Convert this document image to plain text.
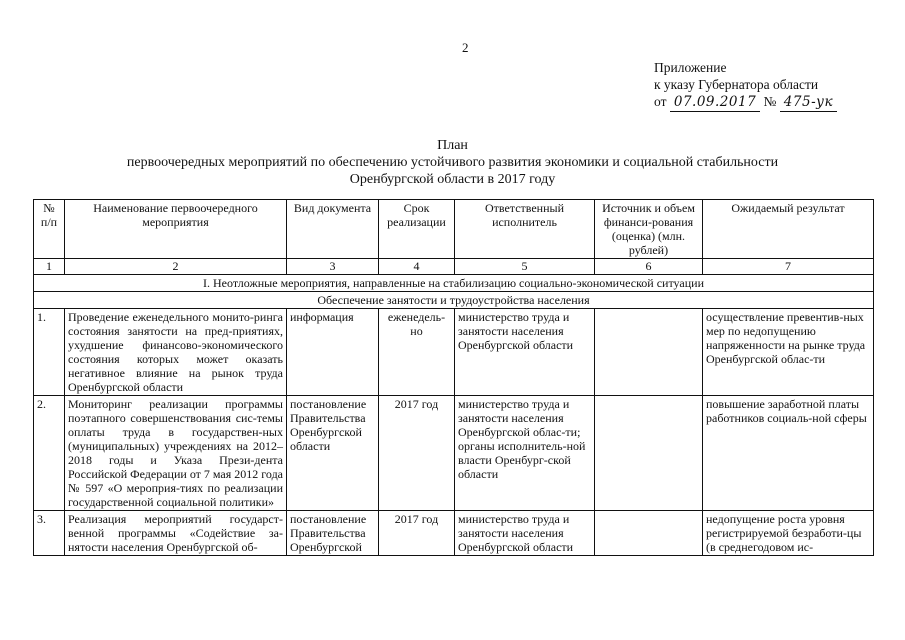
2
Приложение
к указу Губернатора области
от 07.09.2017 № 475-ук
План
первоочередных мероприятий по обеспечению устойчивого развития экономики и социальной стабильности
Оренбургской области в 2017 году
№ п/п	Наименование первоочередного мероприятия	Вид документа	Срок реализации	Ответственный исполнитель	Источник и объем финанси-рования (оценка) (млн. рублей)	Ожидаемый результат
1	2	3	4	5	6	7
I. Неотложные мероприятия, направленные на стабилизацию социально-экономической ситуации						
Обеспечение занятости и трудоустройства населения						
1.	Проведение еженедельного монито-ринга состояния занятости на пред-приятиях, ухудшение финансово-экономического состояния которых может оказать негативное влияние на рынок труда Оренбургской области	информация	еженедель-но	министерство труда и занятости населения Оренбургской области		осуществление превентив-ных мер по недопущению напряженности на рынке труда Оренбургской облас-ти
2.	Мониторинг реализации программы поэтапного совершенствования сис-темы оплаты труда в государствен-ных (муниципальных) учреждениях на 2012–2018 годы и Указа Прези-дента Российской Федерации от 7 мая 2012 года № 597 «О мероприя-тиях по реализации государственной социальной политики»	постановление Правительства Оренбургской области	2017 год	министерство труда и занятости населения Оренбургской облас-ти; органы исполнитель-ной власти Оренбург-ской области		повышение заработной платы работников социаль-ной сферы
3.	Реализация мероприятий государст-венной программы «Содействие за-нятости населения Оренбургской об-	постановление Правительства Оренбургской	2017 год	министерство труда и занятости населения Оренбургской области		недопущение роста уровня регистрируемой безработи-цы (в среднегодовом ис-
